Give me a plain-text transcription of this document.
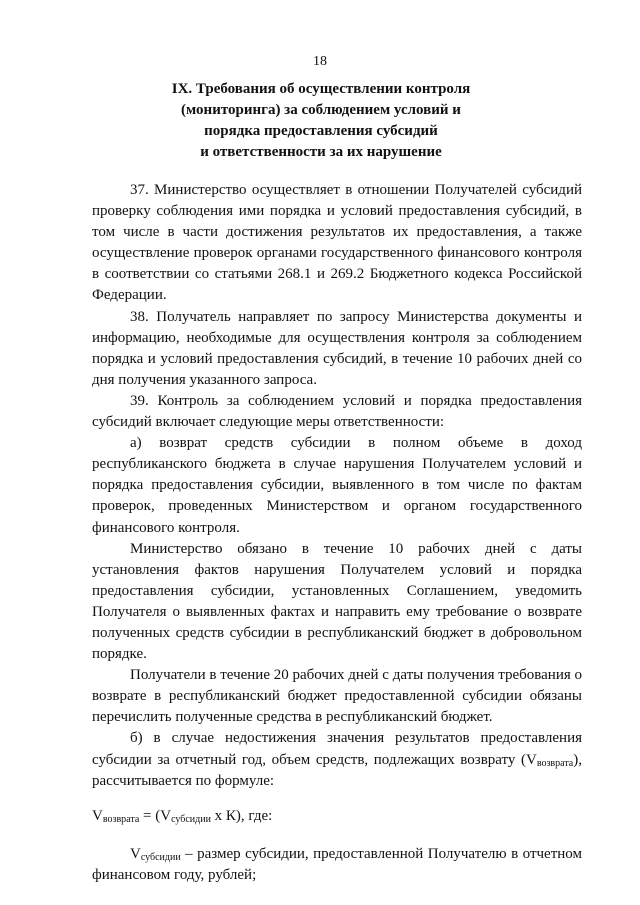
18
IX. Требования об осуществлении контроля
(мониторинга) за соблюдением условий и
порядка предоставления субсидий
и ответственности за их нарушение

37. Министерство осуществляет в отношении Получателей субсидий проверку соблюдения ими порядка и условий предоставления субсидий, в том числе в части достижения результатов их предоставления, а также осуществление проверок органами государственного финансового контроля в соответствии со статьями 268.1 и 269.2 Бюджетного кодекса Российской Федерации.

38. Получатель направляет по запросу Министерства документы и информацию, необходимые для осуществления контроля за соблюдением порядка и условий предоставления субсидий, в течение 10 рабочих дней со дня получения указанного запроса.

39. Контроль за соблюдением условий и порядка предоставления субсидий включает следующие меры ответственности:

а) возврат средств субсидии в полном объеме в доход республиканского бюджета в случае нарушения Получателем условий и порядка предоставления субсидии, выявленного в том числе по фактам проверок, проведенных Министерством и органом государственного финансового контроля.

Министерство обязано в течение 10 рабочих дней с даты установления фактов нарушения Получателем условий и порядка предоставления субсидии, установленных Соглашением, уведомить Получателя о выявленных фактах и направить ему требование о возврате полученных средств субсидии в республиканский бюджет в добровольном порядке.

Получатели в течение 20 рабочих дней с даты получения требования о возврате в республиканский бюджет предоставленной субсидии обязаны перечислить полученные средства в республиканский бюджет.

б) в случае недостижения значения результатов предоставления субсидии за отчетный год, объем средств, подлежащих возврату $(V_{возврата})$, рассчитывается по формуле:

$V_{возврата} = (V_{субсидии}$ х К), где:

$V_{субсидии}$ – размер субсидии, предоставленной Получателю в отчетном финансовом году, рублей;
